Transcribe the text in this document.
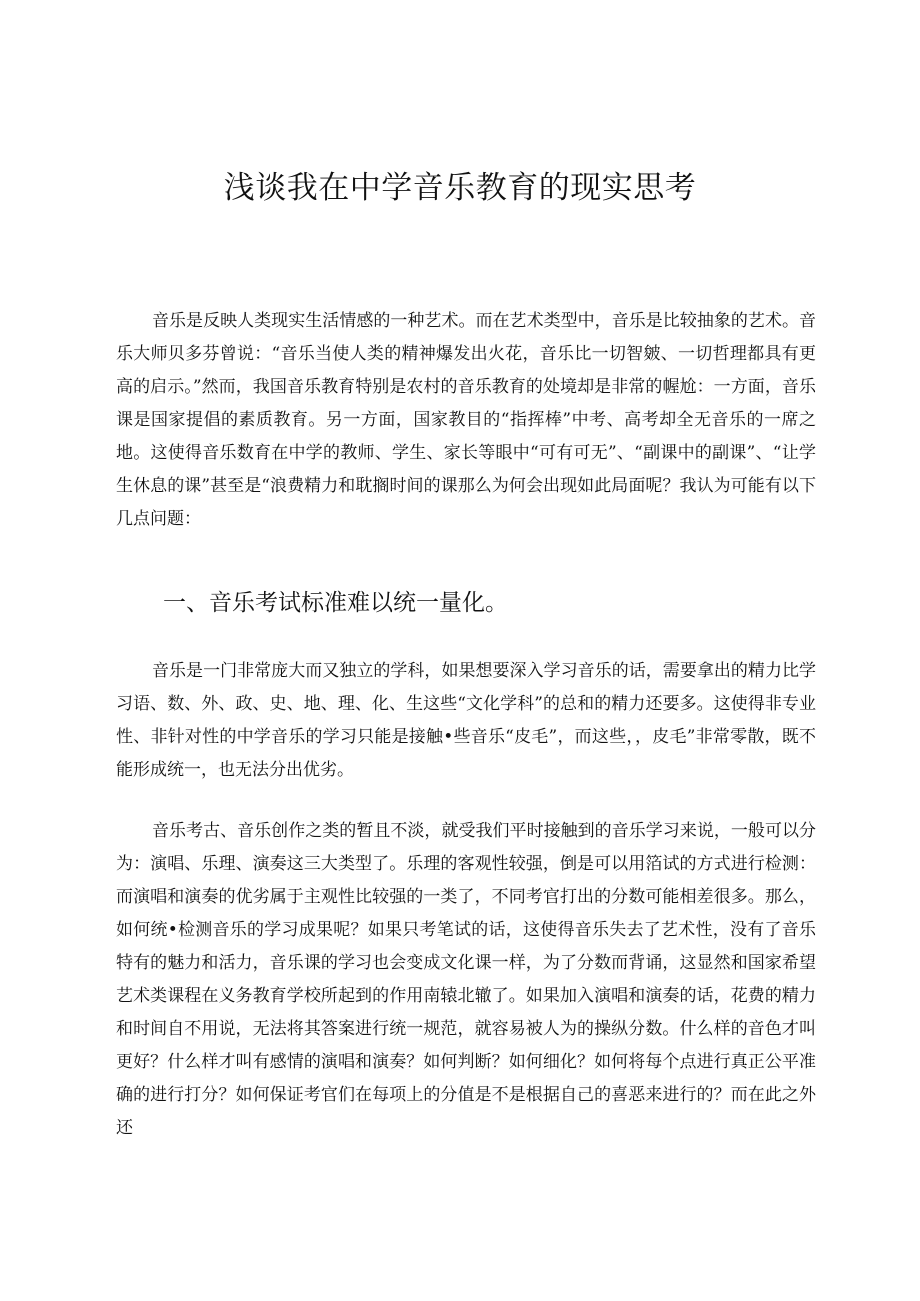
浅谈我在中学音乐教育的现实思考

音乐是反映人类现实生活情感的一种艺术。而在艺术类型中，音乐是比较抽象的艺术。音乐大师贝多芬曾说：“音乐当使人类的精神爆发出火花，音乐比一切智皴、一切哲理都具有更高的启示。”然而，我国音乐教育特别是农村的音乐教育的处境却是非常的幄尬：一方面，音乐课是国家提倡的素质教育。另一方面，国家教目的“指挥棒”中考、高考却全无音乐的一席之地。这使得音乐数育在中学的教师、学生、家长等眼中“可有可无”、“副课中的副课”、“让学生休息的课”甚至是“浪费精力和耽搁时间的课那么为何会出现如此局面呢？我认为可能有以下几点问题：

一、音乐考试标准难以统一量化。

音乐是一门非常庞大而又独立的学科，如果想要深入学习音乐的话，需要拿出的精力比学习语、数、外、政、史、地、理、化、生这些“文化学科”的总和的精力还要多。这使得非专业性、非针对性的中学音乐的学习只能是接触•些音乐“皮毛”，而这些，，皮毛”非常零散，既不能形成统一，也无法分出优劣。

音乐考古、音乐创作之类的暂且不淡，就受我们平时接触到的音乐学习来说，一般可以分为：演唱、乐理、演奏这三大类型了。乐理的客观性较强，倒是可以用箔试的方式进行检测：而演唱和演奏的优劣属于主观性比较强的一类了，不同考官打出的分数可能相差很多。那么，如何统•检测音乐的学习成果呢？如果只考笔试的话，这使得音乐失去了艺术性，没有了音乐特有的魅力和活力，音乐课的学习也会变成文化课一样，为了分数而背诵，这显然和国家希望艺术类课程在义务教育学校所起到的作用南辕北辙了。如果加入演唱和演奏的话，花费的精力和时间自不用说，无法将其答案进行统一规范，就容易被人为的操纵分数。什么样的音色才叫更好？什么样才叫有感情的演唱和演奏？如何判断？如何细化？如何将每个点进行真正公平准确的进行打分？如何保证考官们在每项上的分值是不是根据自己的喜恶来进行的？而在此之外还
